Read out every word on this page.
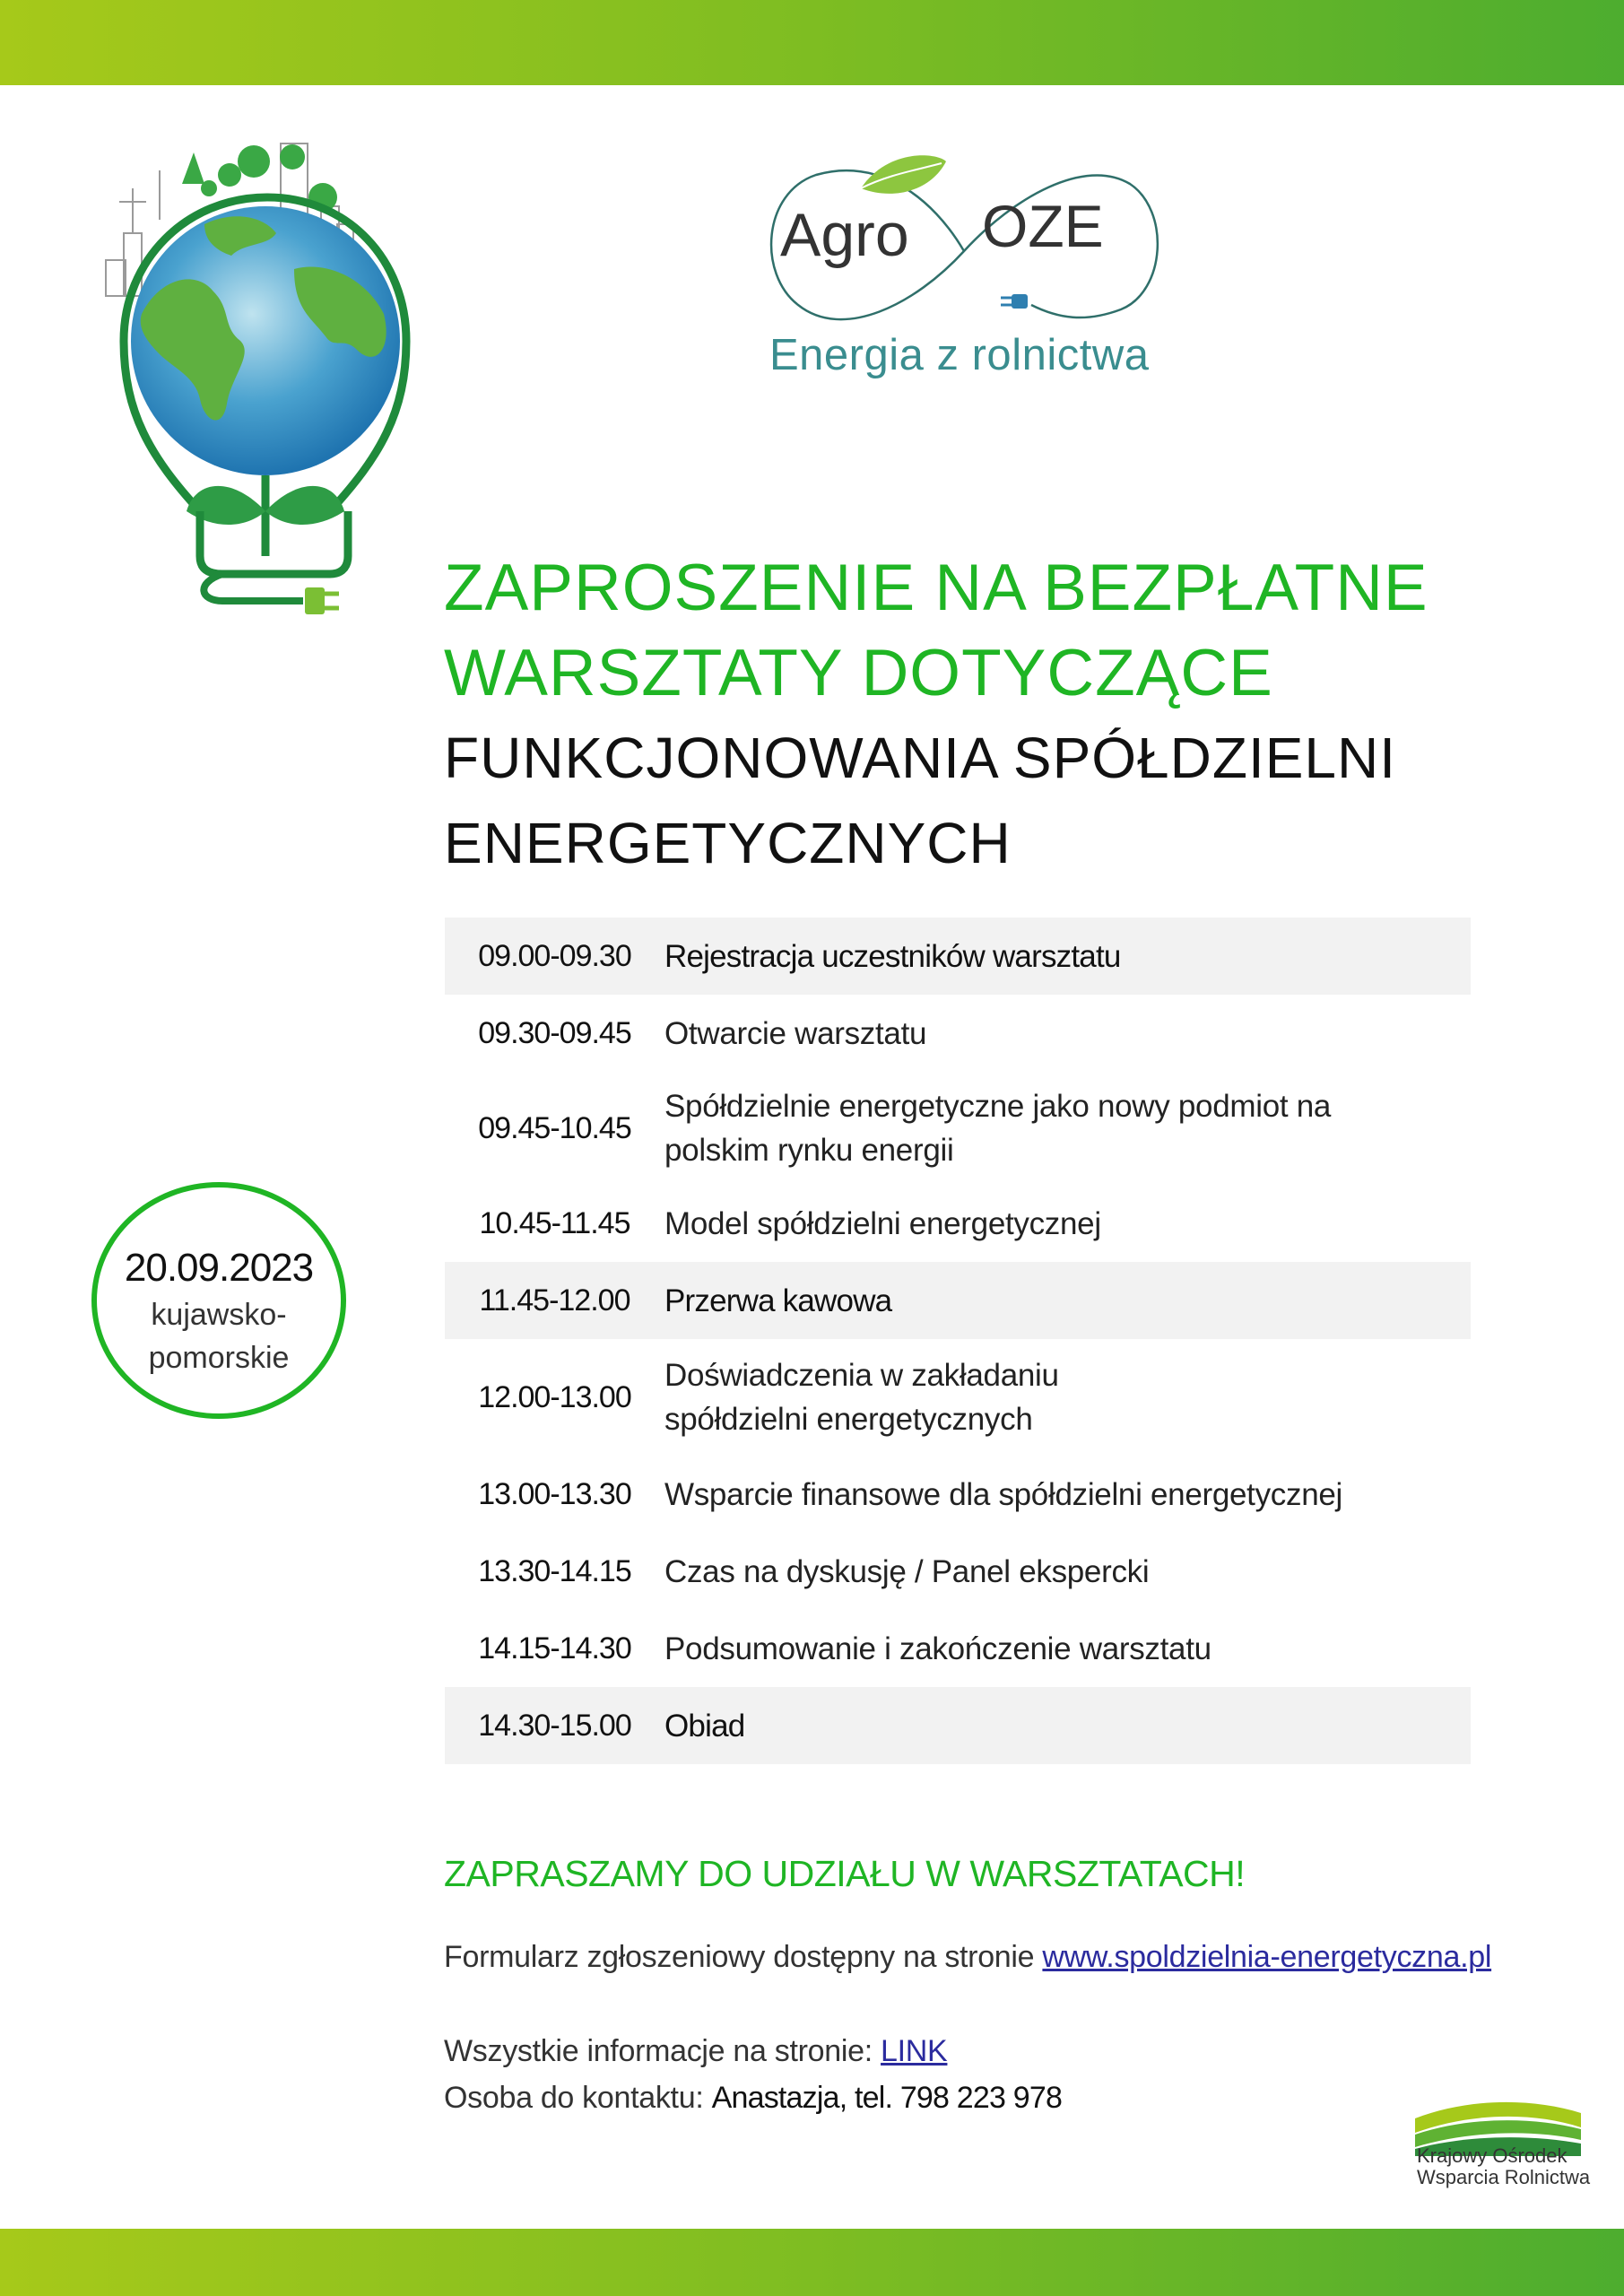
Agro OZE
Energia z rolnictwa
ZAPROSZENIE NA BEZPŁATNE
WARSZTATY DOTYCZĄCE
FUNKCJONOWANIA SPÓŁDZIELNI
ENERGETYCZNYCH
20.09.2023
kujawsko-
pomorskie
09.00-09.30	Rejestracja uczestników warsztatu
09.30-09.45	Otwarcie warsztatu
09.45-10.45
Spółdzielnie energetyczne jako nowy podmiot na polskim rynku energii
10.45-11.45	Model spółdzielni energetycznej
11.45-12.00	Przerwa kawowa
12.00-13.00
Doświadczenia w zakładaniu spółdzielni energetycznych
13.00-13.30	Wsparcie finansowe dla spółdzielni energetycznej
13.30-14.15	Czas na dyskusję / Panel ekspercki
14.15-14.30	Podsumowanie i zakończenie warsztatu
14.30-15.00	Obiad
ZAPRASZAMY DO UDZIAŁU W WARSZTATACH!
Formularz zgłoszeniowy dostępny na stronie www.spoldzielnia-energetyczna.pl
Wszystkie informacje na stronie: LINK
Osoba do kontaktu: Anastazja, tel. 798 223 978
Krajowy Ośrodek
Wsparcia Rolnictwa
